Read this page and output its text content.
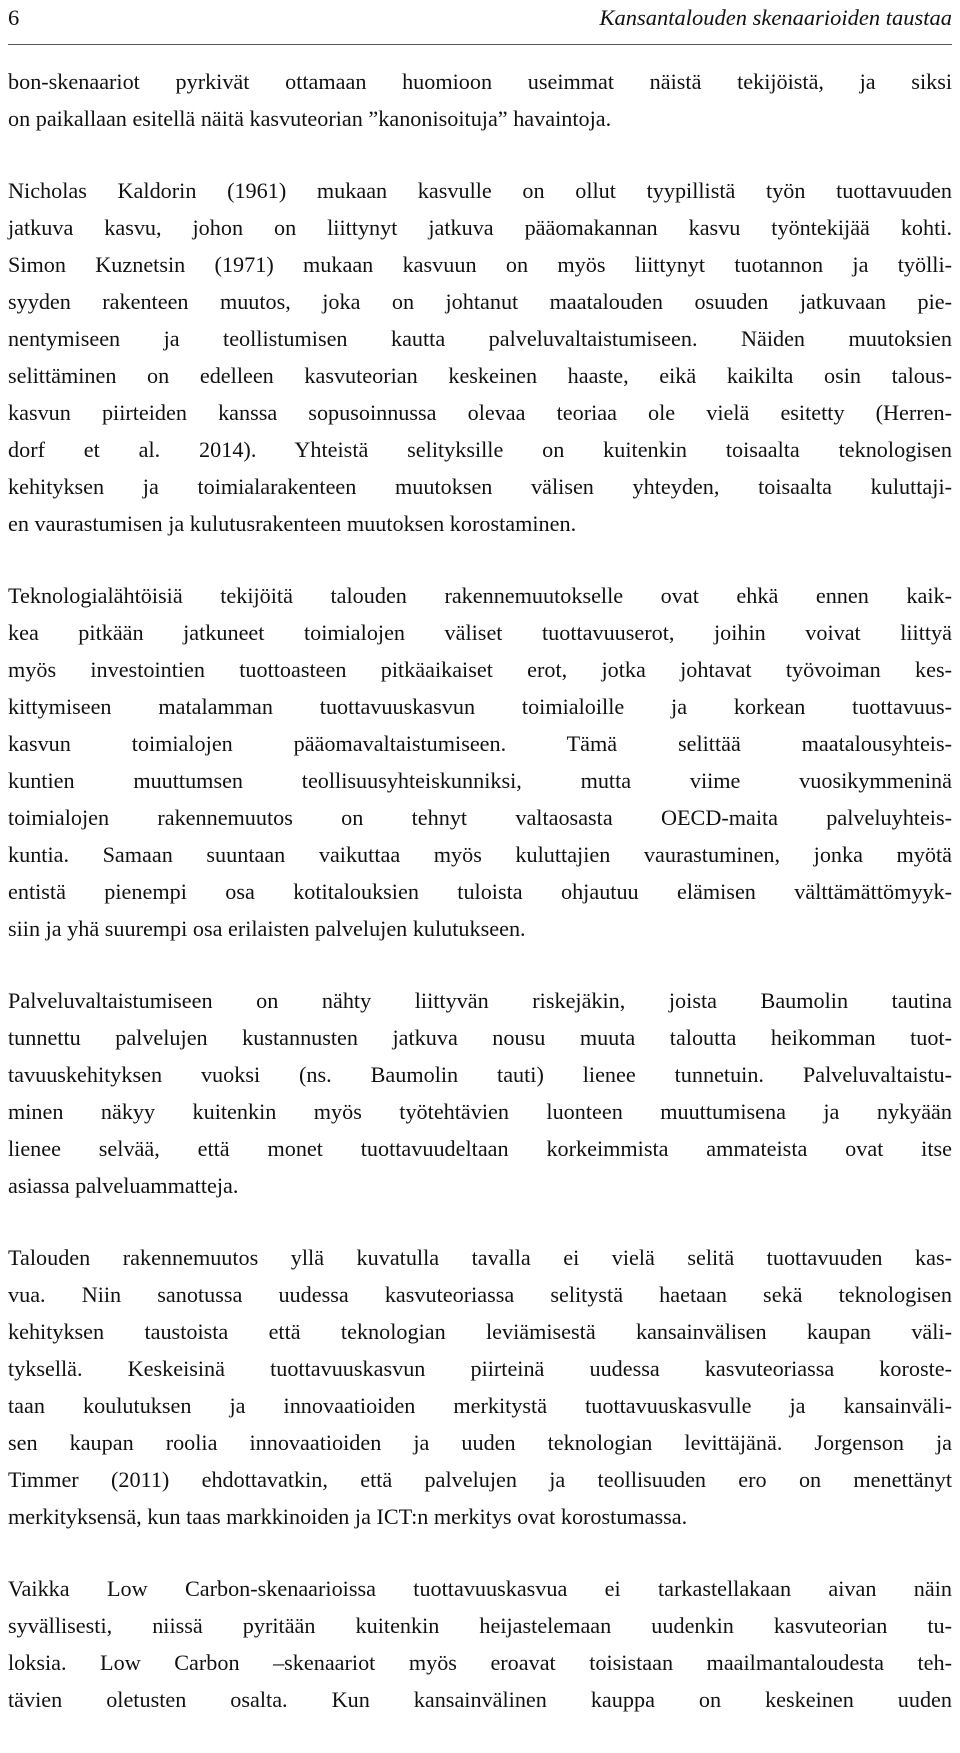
6	Kansantalouden skenaarioiden taustaa
bon-skenaariot pyrkivät ottamaan huomioon useimmat näistä tekijöistä, ja siksi
on paikallaan esitellä näitä kasvuteorian ”kanonisoituja” havaintoja.
Nicholas Kaldorin (1961) mukaan kasvulle on ollut tyypillistä työn tuottavuuden
jatkuva kasvu, johon on liittynyt jatkuva pääomakannan kasvu työntekijää kohti.
Simon Kuznetsin (1971) mukaan kasvuun on myös liittynyt tuotannon ja työlli-
syyden rakenteen muutos, joka on johtanut maatalouden osuuden jatkuvaan pie-
nentymiseen ja teollistumisen kautta palveluvaltaistumiseen. Näiden muutoksien
selittäminen on edelleen kasvuteorian keskeinen haaste, eikä kaikilta osin talous-
kasvun piirteiden kanssa sopusoinnussa olevaa teoriaa ole vielä esitetty (Herren-
dorf et al. 2014). Yhteistä selityksille on kuitenkin toisaalta teknologisen
kehityksen ja toimialarakenteen muutoksen välisen yhteyden, toisaalta kuluttaji-
en vaurastumisen ja kulutusrakenteen muutoksen korostaminen.
Teknologialähtöisiä tekijöitä talouden rakennemuutokselle ovat ehkä ennen kaik-
kea pitkään jatkuneet toimialojen väliset tuottavuuserot, joihin voivat liittyä
myös investointien tuottoasteen pitkäaikaiset erot, jotka johtavat työvoiman kes-
kittymiseen matalamman tuottavuuskasvun toimialoille ja korkean tuottavuus-
kasvun toimialojen pääomavaltaistumiseen. Tämä selittää maatalousyhteis-
kuntien muuttumsen teollisuusyhteiskunniksi, mutta viime vuosikymmeninä
toimialojen rakennemuutos on tehnyt valtaosasta OECD-maita palveluyhteis-
kuntia. Samaan suuntaan vaikuttaa myös kuluttajien vaurastuminen, jonka myötä
entistä pienempi osa kotitalouksien tuloista ohjautuu elämisen välttämättömyyk-
siin ja yhä suurempi osa erilaisten palvelujen kulutukseen.
Palveluvaltaistumiseen on nähty liittyvän riskejäkin, joista Baumolin tautina
tunnettu palvelujen kustannusten jatkuva nousu muuta taloutta heikomman tuot-
tavuuskehityksen vuoksi (ns. Baumolin tauti) lienee tunnetuin. Palveluvaltaistu-
minen näkyy kuitenkin myös työtehtävien luonteen muuttumisena ja nykyään
lienee selvää, että monet tuottavuudeltaan korkeimmista ammateista ovat itse
asiassa palveluammatteja.
Talouden rakennemuutos yllä kuvatulla tavalla ei vielä selitä tuottavuuden kas-
vua. Niin sanotussa uudessa kasvuteoriassa selitystä haetaan sekä teknologisen
kehityksen taustoista että teknologian leviämisestä kansainvälisen kaupan väli-
tyksellä. Keskeisinä tuottavuuskasvun piirteinä uudessa kasvuteoriassa koroste-
taan koulutuksen ja innovaatioiden merkitystä tuottavuuskasvulle ja kansainväli-
sen kaupan roolia innovaatioiden ja uuden teknologian levittäjänä. Jorgenson ja
Timmer (2011) ehdottavatkin, että palvelujen ja teollisuuden ero on menettänyt
merkityksensä, kun taas markkinoiden ja ICT:n merkitys ovat korostumassa.
Vaikka Low Carbon-skenaarioissa tuottavuuskasvua ei tarkastellakaan aivan näin
syvällisesti, niissä pyritään kuitenkin heijastelemaan uudenkin kasvuteorian tu-
loksia. Low Carbon –skenaariot myös eroavat toisistaan maailmantaloudesta teh-
tävien oletusten osalta. Kun kansainvälinen kauppa on keskeinen uuden
